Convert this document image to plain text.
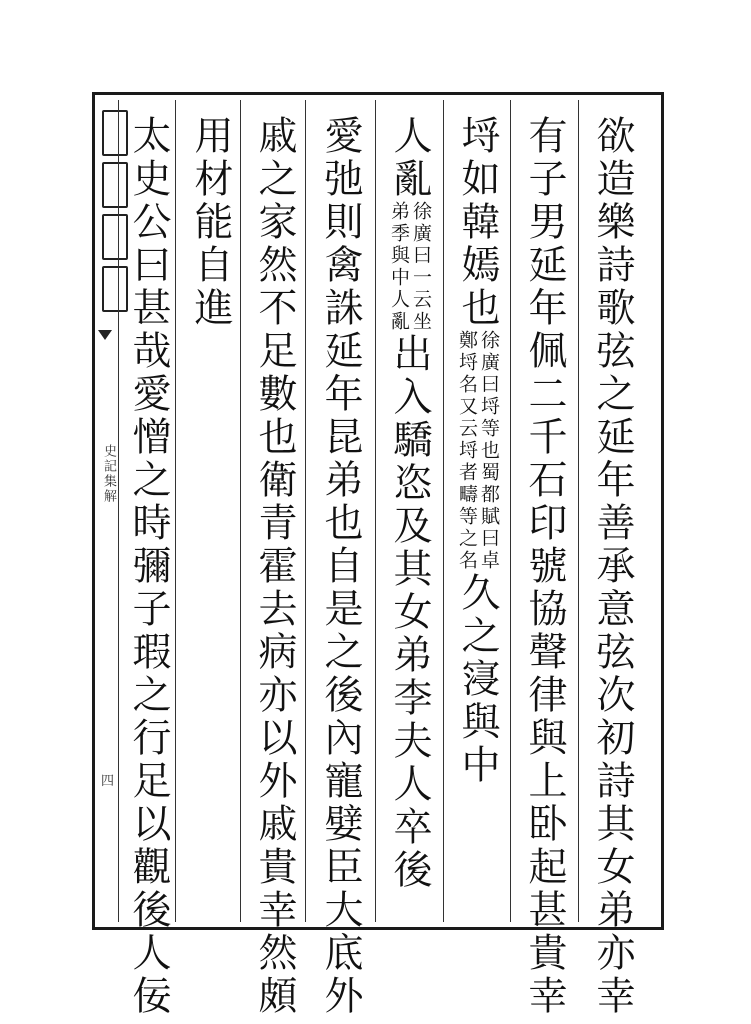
史記集解
四	欲造樂詩歌弦之延年善承意弦次初詩其女弟亦幸
有子男延年佩二千石印號協聲律與上卧起甚貴幸
埒如韓嫣也
徐廣曰埒等也蜀都賦曰卓
鄭埒名又云埒者疇等之名
久之寖與中
人亂
徐廣曰一云坐
弟季與中人亂
出入驕恣及其女弟李夫人卒後
愛弛則禽誅延年昆弟也自是之後內寵嬖臣大底外
戚之家然不足數也衛青霍去病亦以外戚貴幸然頗
用材能自進
太史公曰甚哉愛憎之時彌子瑕之行足以觀後人佞
